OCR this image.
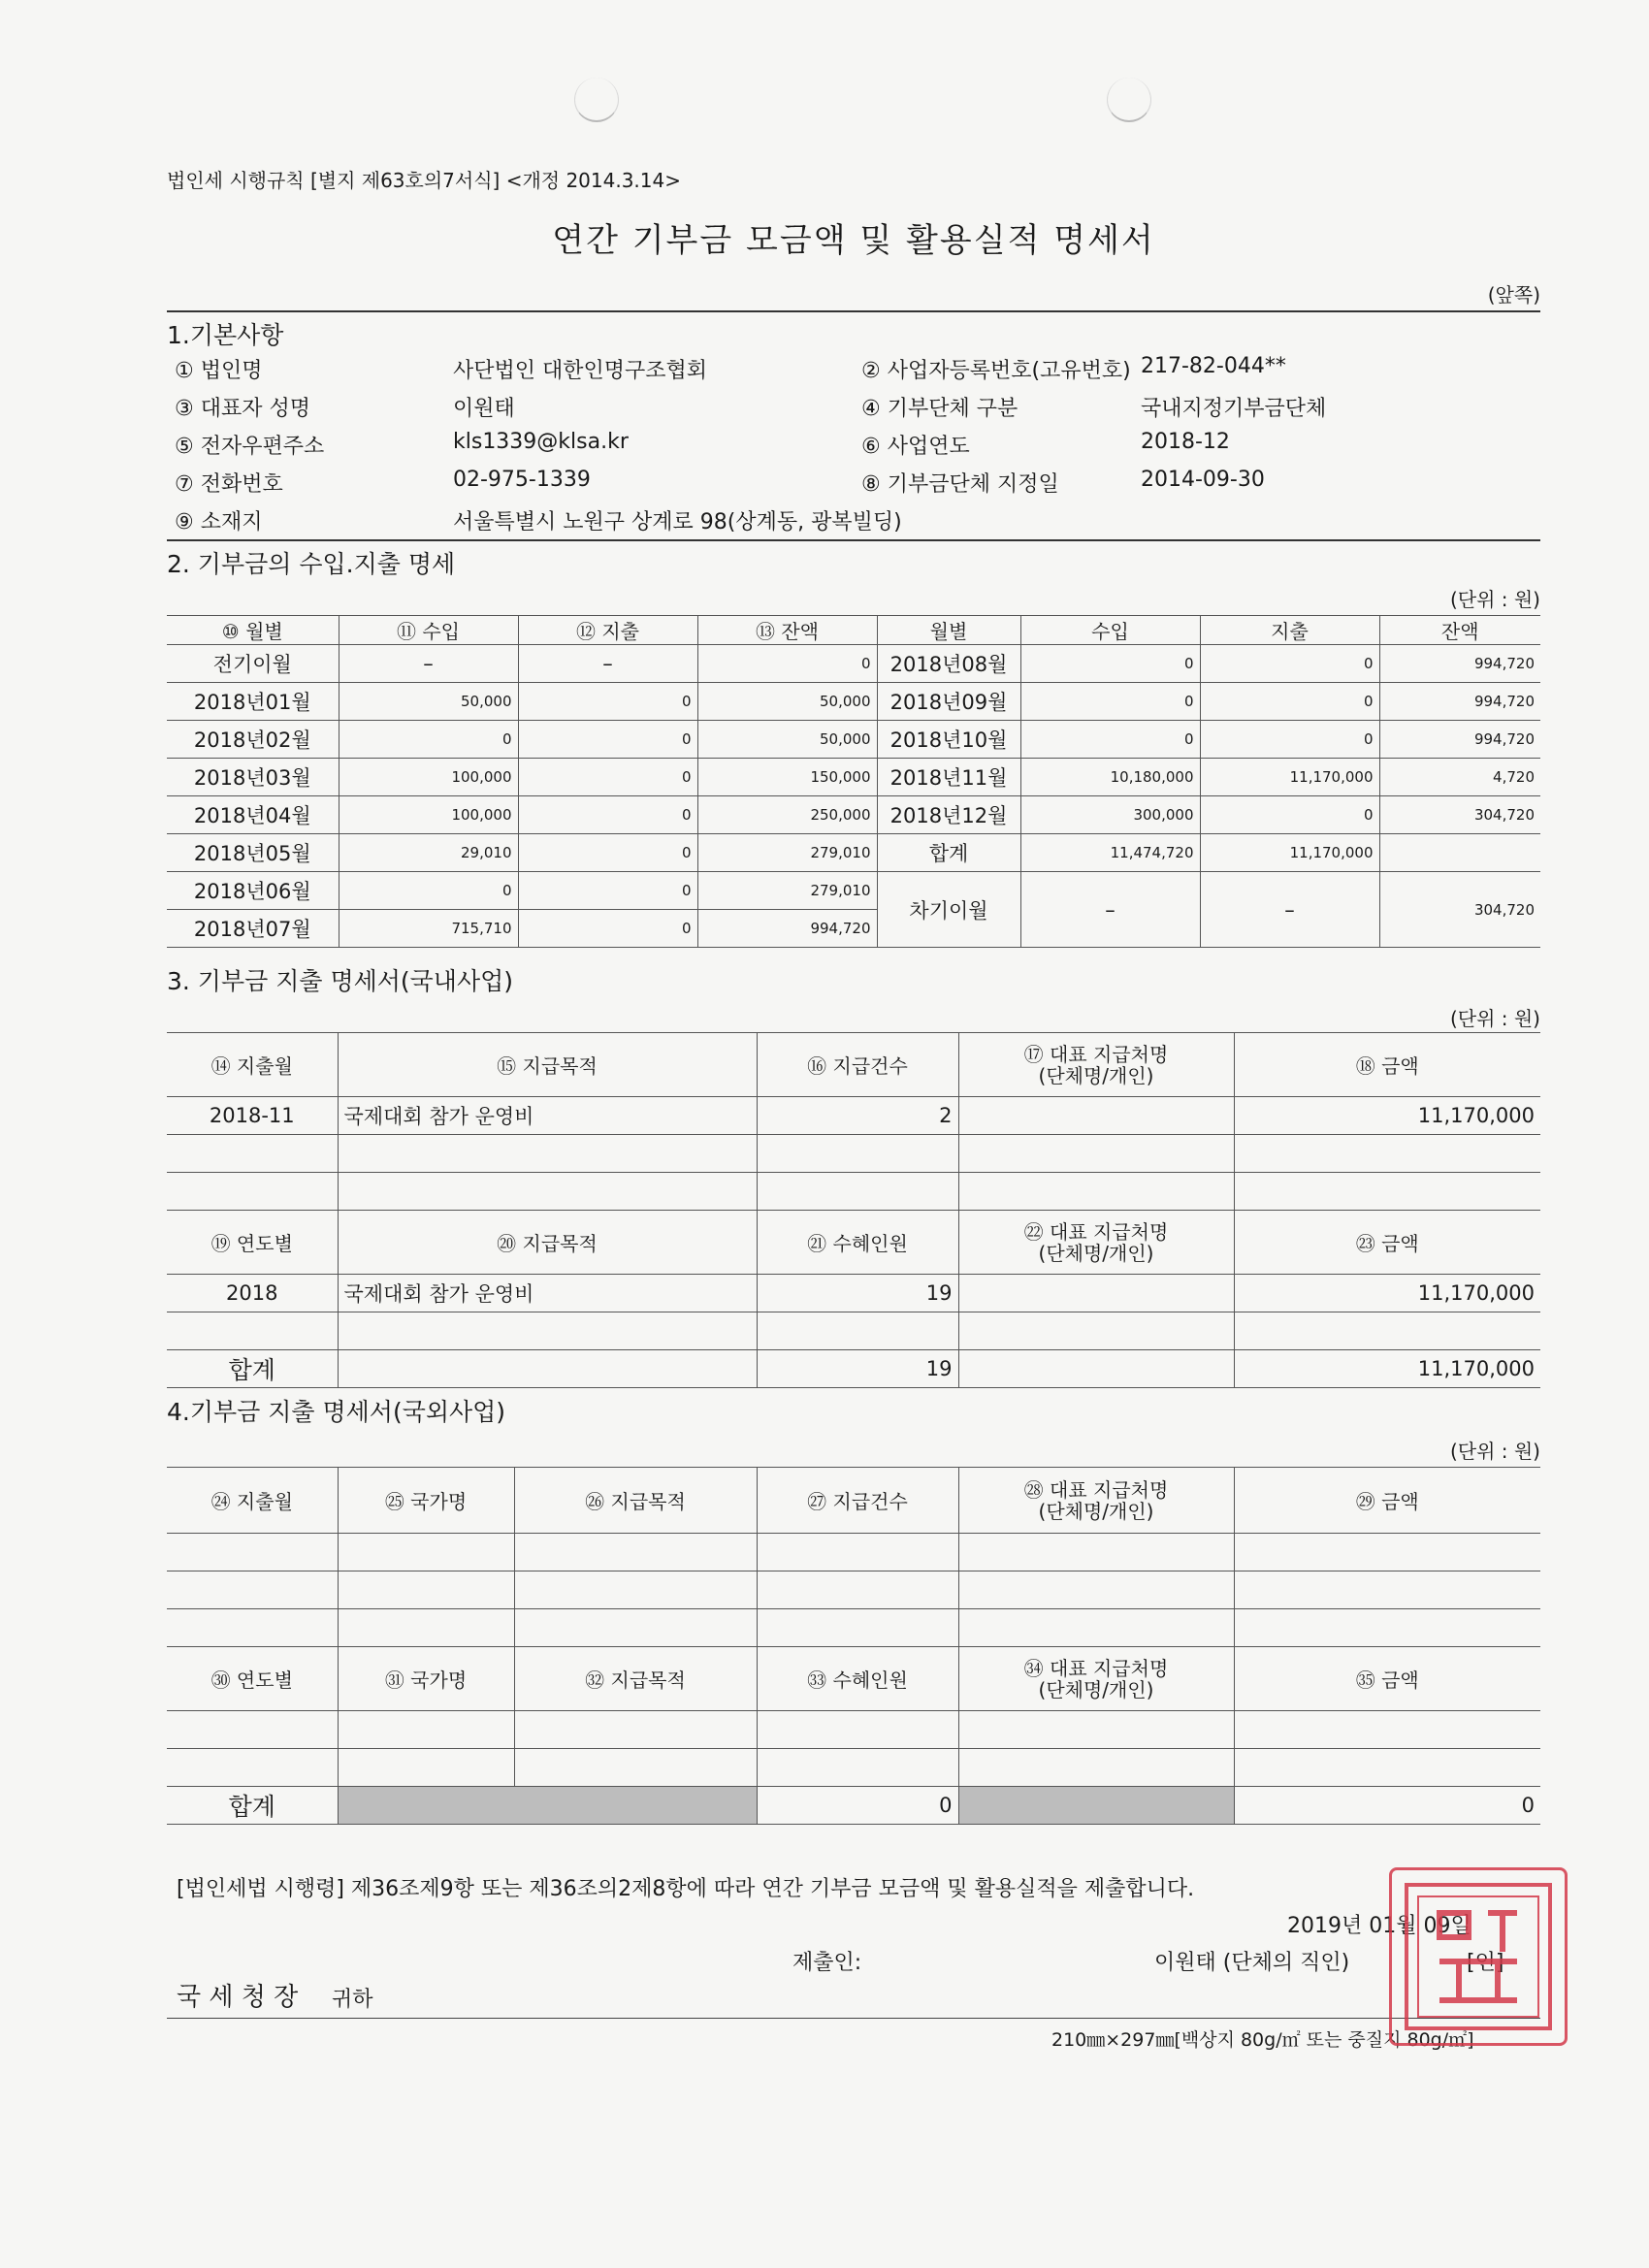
법인세 시행규칙 [별지 제63호의7서식] <개정 2014.3.14>
연간 기부금 모금액 및 활용실적 명세서
(앞쪽)
1.기본사항
① 법인명	사단법인 대한인명구조협회	② 사업자등록번호(고유번호) 217-82-044**
③ 대표자 성명	이원태	④ 기부단체 구분	국내지정기부금단체
⑤ 전자우편주소	kls1339@klsa.kr	⑥ 사업연도	2018-12
⑦ 전화번호	02-975-1339	⑧ 기부금단체 지정일	2014-09-30
⑨ 소재지	서울특별시 노원구 상계로 98(상계동, 광복빌딩)
2. 기부금의 수입.지출 명세
(단위 : 원)
⑩ 월별	⑪ 수입	⑫ 지출	⑬ 잔액	월별	수입	지출	잔액
전기이월	–	–	0	2018년08월	0	0	994,720
2018년01월	50,000	0	50,000	2018년09월	0	0	994,720
2018년02월	0	0	50,000	2018년10월	0	0	994,720
2018년03월	100,000	0	150,000	2018년11월	10,180,000	11,170,000	4,720
2018년04월	100,000	0	250,000	2018년12월	300,000	0	304,720
2018년05월	29,010	0	279,010	합계	11,474,720	11,170,000	
2018년06월	0	0	279,010	차기이월	–	–	304,720
2018년07월	715,710	0	994,720				
3. 기부금 지출 명세서(국내사업)
(단위 : 원)
⑭ 지출월	⑮ 지급목적	⑯ 지급건수	⑰ 대표 지급처명
(단체명/개인)	⑱ 금액
2018-11	국제대회 참가 운영비	2		11,170,000

⑲ 연도별	⑳ 지급목적	㉑ 수혜인원	㉒ 대표 지급처명
(단체명/개인)	㉓ 금액
2018	국제대회 참가 운영비	19		11,170,000

합계		19		11,170,000
4.기부금 지출 명세서(국외사업)
(단위 : 원)
㉔ 지출월	㉕ 국가명	㉖ 지급목적	㉗ 지급건수	㉘ 대표 지급처명
(단체명/개인)	㉙ 금액

㉚ 연도별	㉛ 국가명	㉜ 지급목적	㉝ 수혜인원	㉞ 대표 지급처명
(단체명/개인)	㉟ 금액

합계			0		0
[법인세법 시행령] 제36조제9항 또는 제36조의2제8항에 따라 연간 기부금 모금액 및 활용실적을 제출합니다.
2019년 01월 09일
제출인:	이원태 (단체의 직인)	[인]
국 세 청 장 귀하
210㎜×297㎜[백상지 80g/㎡ 또는 중질지 80g/㎡]
